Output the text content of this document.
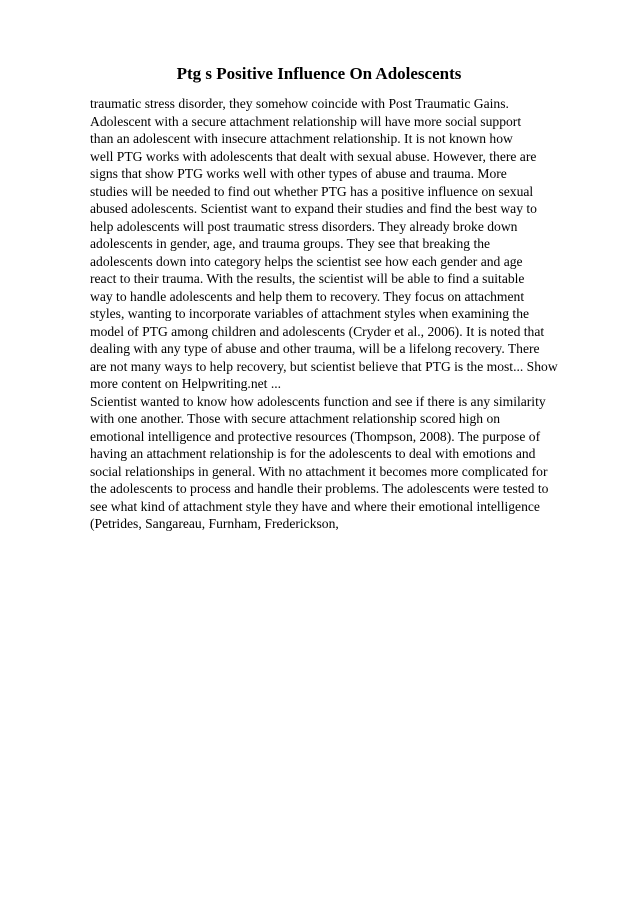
Ptg s Positive Influence On Adolescents
traumatic stress disorder, they somehow coincide with Post Traumatic Gains.
Adolescent with a secure attachment relationship will have more social support
than an adolescent with insecure attachment relationship. It is not known how
well PTG works with adolescents that dealt with sexual abuse. However, there are
signs that show PTG works well with other types of abuse and trauma. More
studies will be needed to find out whether PTG has a positive influence on sexual
abused adolescents. Scientist want to expand their studies and find the best way to
help adolescents will post traumatic stress disorders. They already broke down
adolescents in gender, age, and trauma groups. They see that breaking the
adolescents down into category helps the scientist see how each gender and age
react to their trauma. With the results, the scientist will be able to find a suitable
way to handle adolescents and help them to recovery. They focus on attachment
styles, wanting to incorporate variables of attachment styles when examining the
model of PTG among children and adolescents (Cryder et al., 2006). It is noted that
dealing with any type of abuse and other trauma, will be a lifelong recovery. There
are not many ways to help recovery, but scientist believe that PTG is the most... Show
more content on Helpwriting.net ...
Scientist wanted to know how adolescents function and see if there is any similarity
with one another. Those with secure attachment relationship scored high on
emotional intelligence and protective resources (Thompson, 2008). The purpose of
having an attachment relationship is for the adolescents to deal with emotions and
social relationships in general. With no attachment it becomes more complicated for
the adolescents to process and handle their problems. The adolescents were tested to
see what kind of attachment style they have and where their emotional intelligence
(Petrides, Sangareau, Furnham, Frederickson,
